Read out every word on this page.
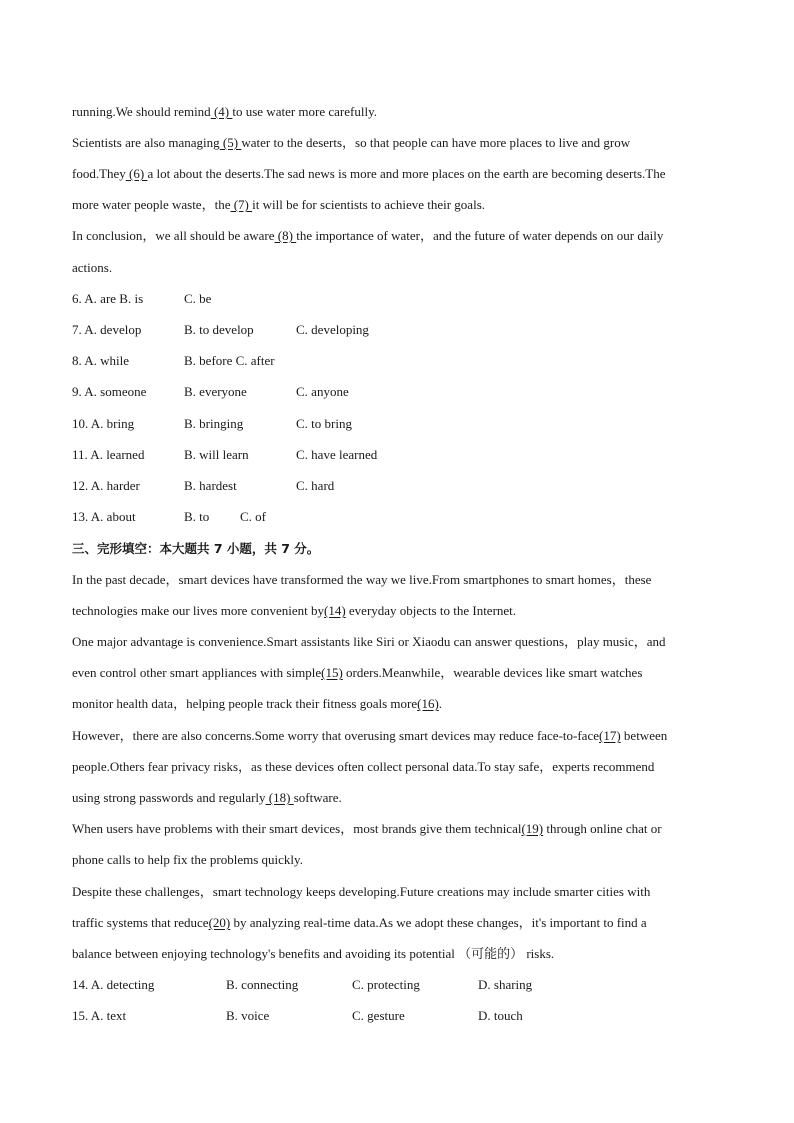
running.We should remind (4) to use water more carefully.
Scientists are also managing (5) water to the deserts，so that people can have more places to live and grow
food.They (6) a lot about the deserts.The sad news is more and more places on the earth are becoming deserts.The
more water people waste，the (7) it will be for scientists to achieve their goals.
In conclusion，we all should be aware (8) the importance of water，and the future of water depends on our daily
actions.
6. A. are B. is	C. be
7. A. develop	B. to develop	C. developing
8. A. while	B. before C. after
9. A. someone	B. everyone	C. anyone
10. A. bring	B. bringing	C. to bring
11. A. learned	B. will learn	C. have learned
12. A. harder	B. hardest	C. hard
13. A. about	B. to C. of
三、完形填空：本大题共 7 小题，共 7 分。
In the past decade，smart devices have transformed the way we live.From smartphones to smart homes，these
technologies make our lives more convenient by(14) everyday objects to the Internet.
One major advantage is convenience.Smart assistants like Siri or Xiaodu can answer questions，play music，and
even control other smart appliances with simple(15) orders.Meanwhile，wearable devices like smart watches
monitor health data，helping people track their fitness goals more(16).
However，there are also concerns.Some worry that overusing smart devices may reduce face-to-face(17) between
people.Others fear privacy risks，as these devices often collect personal data.To stay safe，experts recommend
using strong passwords and regularly (18) software.
When users have problems with their smart devices，most brands give them technical(19) through online chat or
phone calls to help fix the problems quickly.
Despite these challenges，smart technology keeps developing.Future creations may include smarter cities with
traffic systems that reduce(20) by analyzing real-time data.As we adopt these changes，it's important to find a
balance between enjoying technology's benefits and avoiding its potential （可能的） risks.
14. A. detecting	B. connecting	C. protecting	D. sharing
15. A. text	B. voice	C. gesture	D. touch
